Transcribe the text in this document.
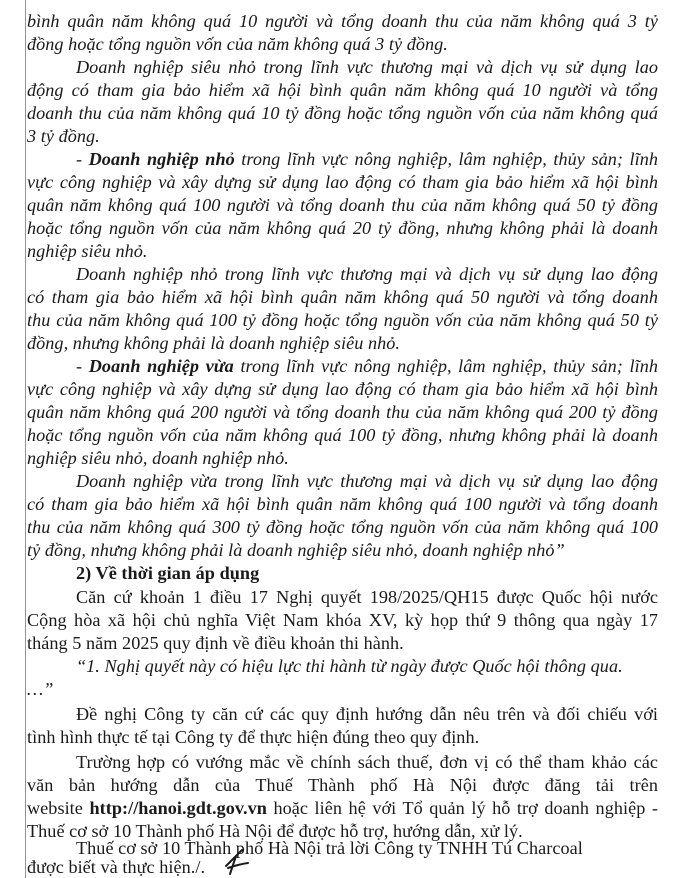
bình quân năm không quá 10 người và tổng doanh thu của năm không quá 3 tỷ
đồng hoặc tổng nguồn vốn của năm không quá 3 tỷ đồng.
Doanh nghiệp siêu nhỏ trong lĩnh vực thương mại và dịch vụ sử dụng lao
động có tham gia bảo hiểm xã hội bình quân năm không quá 10 người và tổng
doanh thu của năm không quá 10 tỷ đồng hoặc tổng nguồn vốn của năm không quá
3 tỷ đồng.
- Doanh nghiệp nhỏ trong lĩnh vực nông nghiệp, lâm nghiệp, thủy sản; lĩnh
vực công nghiệp và xây dựng sử dụng lao động có tham gia bảo hiểm xã hội bình
quân năm không quá 100 người và tổng doanh thu của năm không quá 50 tỷ đồng
hoặc tổng nguồn vốn của năm không quá 20 tỷ đồng, nhưng không phải là doanh
nghiệp siêu nhỏ.
Doanh nghiệp nhỏ trong lĩnh vực thương mại và dịch vụ sử dụng lao động
có tham gia bảo hiểm xã hội bình quân năm không quá 50 người và tổng doanh
thu của năm không quá 100 tỷ đồng hoặc tổng nguồn vốn của năm không quá 50 tỷ
đồng, nhưng không phải là doanh nghiệp siêu nhỏ.
- Doanh nghiệp vừa trong lĩnh vực nông nghiệp, lâm nghiệp, thủy sản; lĩnh
vực công nghiệp và xây dựng sử dụng lao động có tham gia bảo hiểm xã hội bình
quân năm không quá 200 người và tổng doanh thu của năm không quá 200 tỷ đồng
hoặc tổng nguồn vốn của năm không quá 100 tỷ đồng, nhưng không phải là doanh
nghiệp siêu nhỏ, doanh nghiệp nhỏ.
Doanh nghiệp vừa trong lĩnh vực thương mại và dịch vụ sử dụng lao động
có tham gia bảo hiểm xã hội bình quân năm không quá 100 người và tổng doanh
thu của năm không quá 300 tỷ đồng hoặc tổng nguồn vốn của năm không quá 100
tỷ đồng, nhưng không phải là doanh nghiệp siêu nhỏ, doanh nghiệp nhỏ”
2) Về thời gian áp dụng
Căn cứ khoản 1 điều 17 Nghị quyết 198/2025/QH15 được Quốc hội nước
Cộng hòa xã hội chủ nghĩa Việt Nam khóa XV, kỳ họp thứ 9 thông qua ngày 17
tháng 5 năm 2025 quy định về điều khoản thi hành.
“1. Nghị quyết này có hiệu lực thi hành từ ngày được Quốc hội thông qua.
…”
Đề nghị Công ty căn cứ các quy định hướng dẫn nêu trên và đối chiếu với
tình hình thực tế tại Công ty để thực hiện đúng theo quy định.
Trường hợp có vướng mắc về chính sách thuế, đơn vị có thể tham khảo các
văn bản hướng dẫn của Thuế Thành phố Hà Nội được đăng tải trên
website http://hanoi.gdt.gov.vn hoặc liên hệ với Tổ quản lý hỗ trợ doanh nghiệp -
Thuế cơ sở 10 Thành phố Hà Nội để được hỗ trợ, hướng dẫn, xử lý.
Thuế cơ sở 10 Thành phố Hà Nội trả lời Công ty TNHH Tú Charcoal
được biết và thực hiện./.
